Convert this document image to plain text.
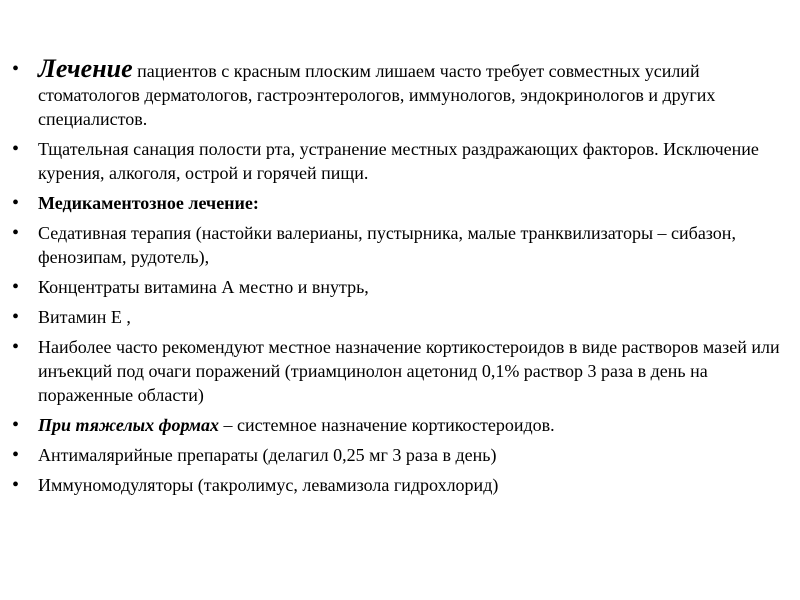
• Лечение пациентов с красным плоским лишаем часто требует совместных усилий стоматологов дерматологов, гастроэнтерологов, иммунологов, эндокринологов и других специалистов.
• Тщательная санация полости рта, устранение местных раздражающих факторов. Исключение курения, алкоголя, острой и горячей пищи.
• Медикаментозное лечение:
• Седативная терапия (настойки валерианы, пустырника, малые транквилизаторы – сибазон, фенозипам, рудотель),
• Концентраты витамина А местно и внутрь,
• Витамин Е ,
• Наиболее часто рекомендуют местное назначение кортикостероидов в виде растворов мазей или инъекций под очаги поражений (триамцинолон ацетонид 0,1% раствор 3 раза в день на пораженные области)
• При тяжелых формах – системное назначение кортикостероидов.
• Антималярийные препараты (делагил 0,25 мг 3 раза в день)
• Иммуномодуляторы (такролимус, левамизола гидрохлорид)
